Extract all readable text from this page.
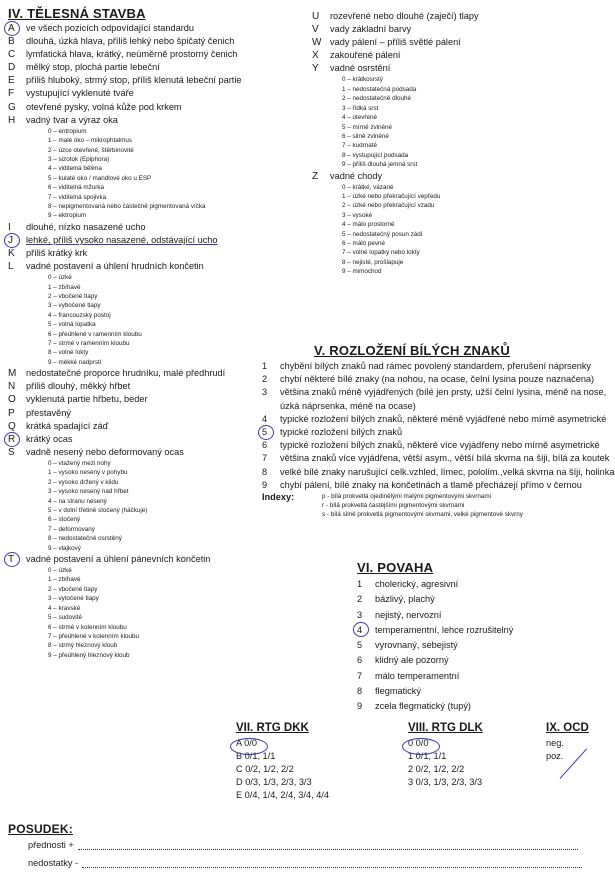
IV. TĚLESNÁ STAVBA
A	ve všech pozicích odpovídající standardu
B	dlouhá, úzká hlava, příliš lehký nebo špičatý čenich
C	lymfatická hlava, krátký, neúměrně prostorný čenich
D	mělký stop, plochá partie lebeční
E	příliš hluboký, strmý stop, příliš klenutá lebeční partie
F	vystupující vyklenuté tváře
G	otevřené pysky, volná kůže pod krkem
H	vadný tvar a výraz oka
0 – entropium
1 – malé oko – mikrophtalmus
2 – úzce otevřené, štěrbinovité
3 – sizotok (Epiphora)
4 – viditelná bělima
5 – kulaté oko / mandlové oko u ESP
6 – viditelná mžurka
7 – viditelná spojivka
8 – nepigmentovaná nebo částečně pigmentovaná víčka
9 – ektropium
I	dlouhé, nízko nasazené ucho
J	lehké, příliš vysoko nasazené, odstávající ucho
K	příliš krátký krk
L	vadné postavení a úhlení hrudních končetin
0 – úzké
1 – zbíhavé
2 – vbočené tlapy
3 – vybočené tlapy
4 – francouzský postoj
5 – volná lopatka
6 – přeúhlené v ramenním kloubu
7 – strmé v ramenním kloubu
8 – volné lokty
9 – měkké nadprstí
M	nedostatečné proporce hrudníku, malé předhrudí
N	příliš dlouhý, měkký hřbet
O	vyklenutá partie hřbetu, beder
P	přestavěný
Q	krátká spadající záď
R	krátký ocas
S	vadně nesený nebo deformovaný ocas
0 – vtažený mezi nohy
1 – vysoko nesený v pohybu
2 – vysoko držený v klidu
3 – vysoko nesený nad hřbet
4 – na stranu nesený
5 – v dolní třetině stočený (háčkuje)
6 – stočený
7 – deformovaný
8 – nedostatečně osrstěný
9 – vlajkový
T	vadné postavení a úhlení pánevních končetin
0 – úzké
1 – zbíhavé
2 – vbočené tlapy
3 – vytočené tlapy
4 – kravské
5 – sudovité
6 – strmé v kolenním kloubu
7 – přeúhlené v kolenním kloubu
8 – strmý hleznový kloub
9 – přeúhlený hleznový kloub
U	rozevřené nebo dlouhé (zaječí) tlapy
V	vady základní barvy
W vady pálení – příliš světlé pálení
X	zakouřené pálení
Y	vadné osrstění
0 – krátkosrstý
1 – nedostatečná podsada
2 – nedostatečně dlouhé
3 – řídká srst
4 – otevřené
5 – mírně zvlněné
6 – silně zvlněné
7 – kudrnaté
8 – vystupující podsada
9 – příliš dlouhá jemná srst
Z	vadné chody
0 – krátké, vázané
1 – úzké nebo překračující vepředu
2 – úzké nebo překračující vzadu
3 – vysoké
4 – málo prostorné
5 – nedostatečný posun zádí
6 – málo pevné
7 – volné lopatky nebo lokty
8 – nejisté, prošlapuje
9 – mimochod
V. ROZLOŽENÍ BÍLÝCH ZNAKŮ
1	chybění bílých znaků nad rámec povolený standardem, přerušení náprsenky
2	chybí některé bílé znaky (na nohou, na ocase, čelní lysina pouze naznačena)
3	většina znaků méně vyjádřených (bílé jen prsty, užší čelní lysina, méně na nose,
úzká náprsenka, méně na ocase)
4	typické rozložení bílých znaků, některé méně vyjádřené nebo mírně asymetrické
5	typické rozložení bílých znaků
6	typické rozložení bílých znaků, některé více vyjádřeny nebo mírně asymetrické
7	většina znaků více vyjádřena, větší asym., větší bílá skvrna na šíji, bílá za koutek
8	velké bílé znaky narušující celk.vzhled, límec, pololím.,velká skvrna na šíji, holinka
9	chybí pálení, bílé znaky na končetinách a tlamě přecházejí přímo v černou
Indexy:	p - bílá prokvetlá ojedinělými malými pigmentovými skvrnami
r - bílá prokvetlá častějšími pigmentovými skvrnami
s - bílá silně prokvetlá pigmentovými skvrnami, velké pigmentové skvrny
VI. POVAHA
1	cholerický, agresivní
2	bázlivý, plachý
3	nejistý, nervozní
4	temperamentní, lehce rozrušitelný
5	vyrovnaný, sebejistý
6	klidný ale pozorný
7	málo temperamentní
8	flegmatický
9	zcela flegmatický (tupý)
VII. RTG DKK
A 0/0
B 0/1, 1/1
C 0/2, 1/2, 2/2
D 0/3, 1/3, 2/3, 3/3
E 0/4, 1/4, 2/4, 3/4, 4/4
VIII. RTG DLK
0 0/0
1 0/1, 1/1
2 0/2, 1/2, 2/2
3 0/3, 1/3, 2/3, 3/3
IX. OCD
neg.
poz.
POSUDEK:
přednosti +
nedostatky -
